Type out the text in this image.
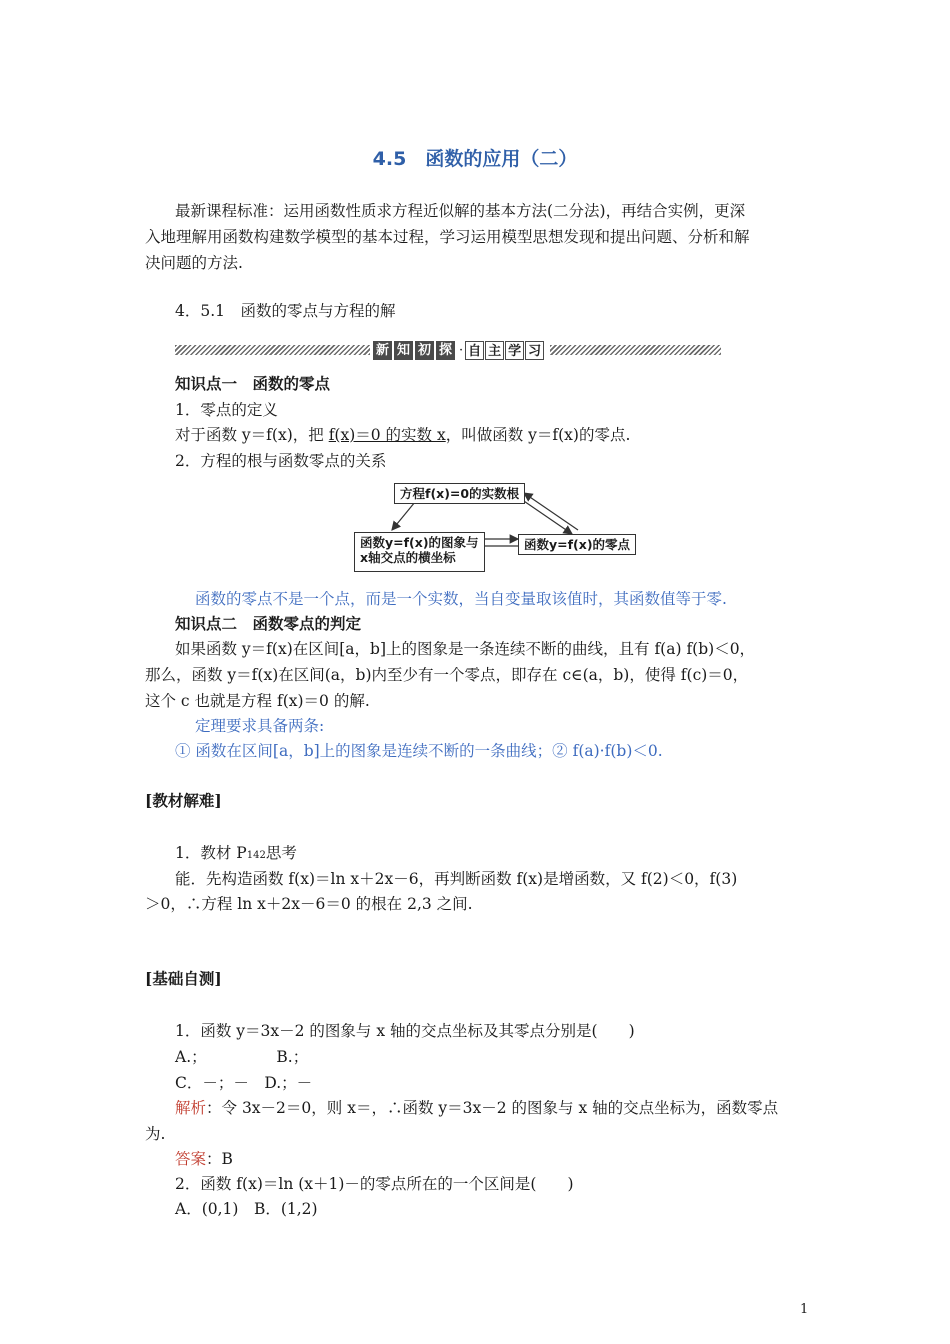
4.5　函数的应用（二）
最新课程标准：运用函数性质求方程近似解的基本方法(二分法)，再结合实例，更深
入地理解用函数构建数学模型的基本过程，学习运用模型思想发现和提出问题、分析和解
决问题的方法.
4．5.1　函数的零点与方程的解
新 知 初 探 · 自 主 学 习
知识点一　函数的零点
1．零点的定义
对于函数 y＝f(x)，把 f(x)＝0 的实数 x，叫做函数 y＝f(x)的零点.
2．方程的根与函数零点的关系
方程f(x)=0的实数根
函数y=f(x)的图象与
x轴交点的横坐标
函数y=f(x)的零点
函数的零点不是一个点，而是一个实数，当自变量取该值时，其函数值等于零.
知识点二　函数零点的判定
如果函数 y＝f(x)在区间[a，b]上的图象是一条连续不断的曲线，且有 f(a) f(b)＜0，
那么，函数 y＝f(x)在区间(a，b)内至少有一个零点，即存在 c∈(a，b)，使得 f(c)＝0，
这个 c 也就是方程 f(x)＝0 的解.
定理要求具备两条:
① 函数在区间[a，b]上的图象是连续不断的一条曲线；② f(a)·f(b)＜0.
[教材解难]
1．教材 P142思考
能．先构造函数 f(x)＝ln x＋2x－6，再判断函数 f(x)是增函数，又 f(2)＜0，f(3)
＞0，∴方程 ln x＋2x－6＝0 的根在 2,3 之间.
[基础自测]
1．函数 y＝3x－2 的图象与 x 轴的交点坐标及其零点分别是(　　)
A.；　　　　　B.；
C．－；－　D.；－
解析：令 3x－2＝0，则 x＝，∴函数 y＝3x－2 的图象与 x 轴的交点坐标为，函数零点
为.
答案：B
2．函数 f(x)＝ln (x＋1)－的零点所在的一个区间是(　　)
A．(0,1)　B．(1,2)
1
